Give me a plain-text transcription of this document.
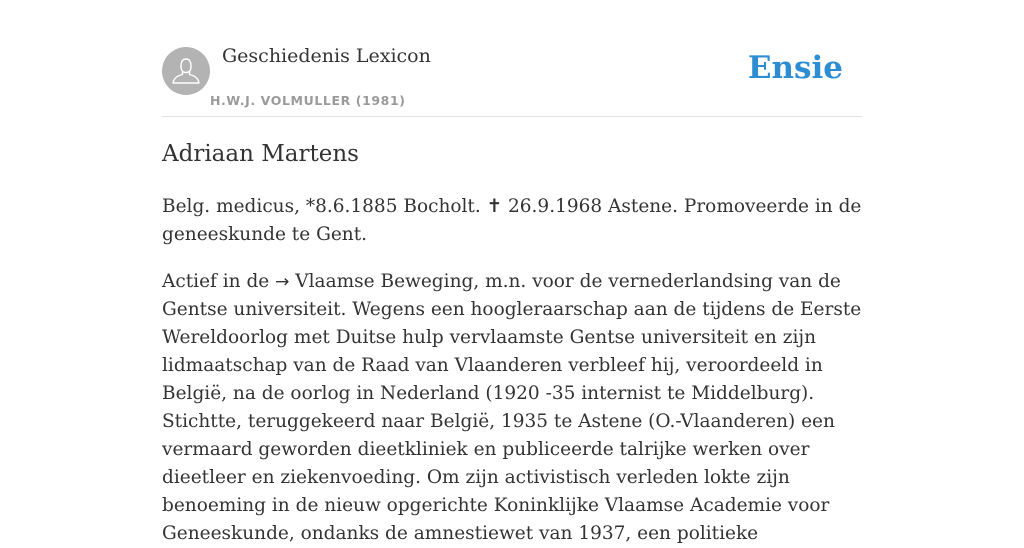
Geschiedenis Lexicon
H.W.J. VOLMULLER (1981)
Ensie
Adriaan Martens

Belg. medicus, *8.6.1885 Bocholt. ✝ 26.9.1968 Astene. Promoveerde in de geneeskunde te Gent.

Actief in de → Vlaamse Beweging, m.n. voor de vernederlandsing van de Gentse universiteit. Wegens een hoogleraarschap aan de tijdens de Eerste Wereldoorlog met Duitse hulp vervlaamste Gentse universiteit en zijn lidmaatschap van de Raad van Vlaanderen verbleef hij, veroordeeld in België, na de oorlog in Nederland (1920 -35 internist te Middelburg). Stichtte, teruggekeerd naar België, 1935 te Astene (O.-Vlaanderen) een vermaard geworden dieetkliniek en publiceerde talrijke werken over dieetleer en ziekenvoeding. Om zijn activistisch verleden lokte zijn benoeming in de nieuw opgerichte Koninklijke Vlaamse Academie voor Geneeskunde, ondanks de amnestiewet van 1937, een politieke
